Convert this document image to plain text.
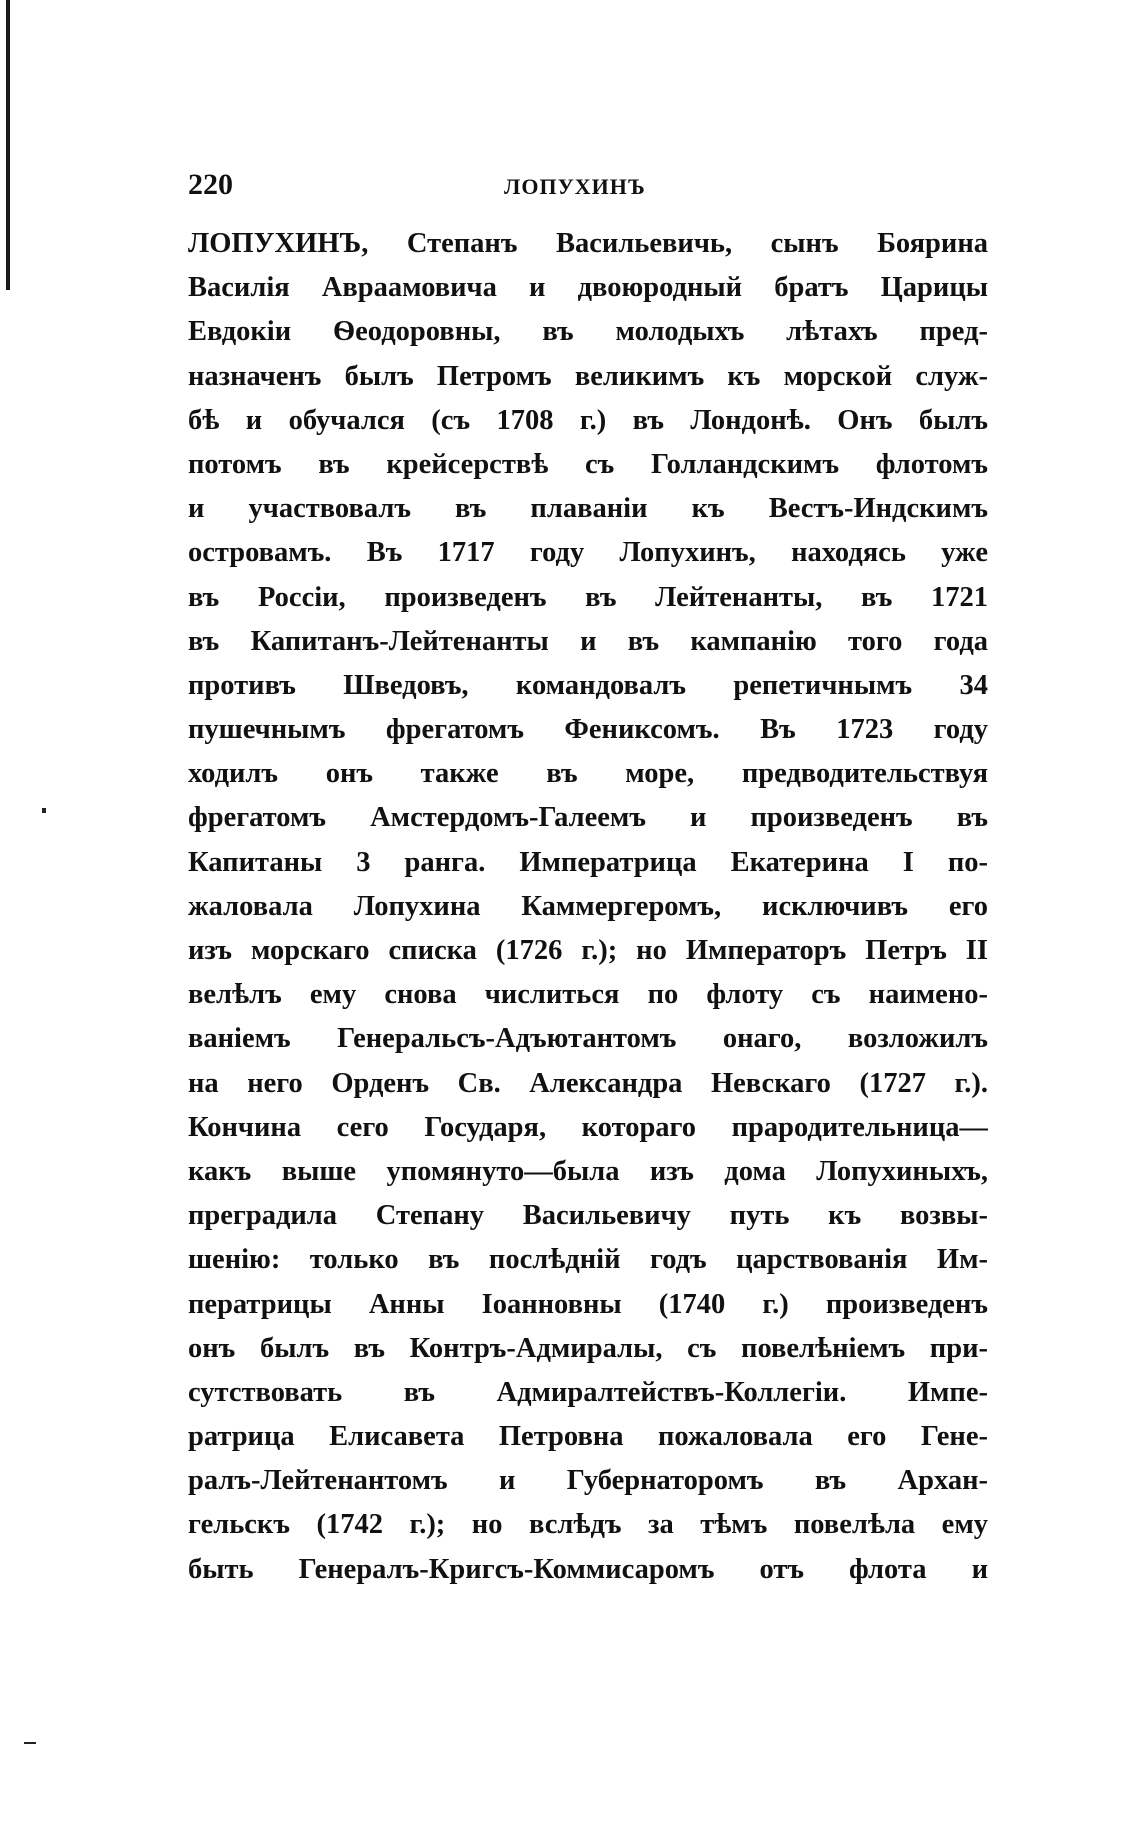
220	ЛОПУХИНЪ
ЛОПУХИНЪ, Степанъ Васильевичь, сынъ Боярина
Василія Авраамовича и двоюродный братъ Царицы
Евдокіи Ѳеодоровны, въ молодыхъ лѣтахъ пред-
назначенъ былъ Петромъ великимъ къ морской служ-
бѣ и обучался (съ 1708 г.) въ Лондонѣ. Онъ былъ
потомъ въ крейсерствѣ съ Голландскимъ флотомъ
и участвовалъ въ плаваніи къ Вестъ-Индскимъ
островамъ. Въ 1717 году Лопухинъ, находясь уже
въ Россіи, произведенъ въ Лейтенанты, въ 1721
въ Капитанъ-Лейтенанты и въ кампанію того года
противъ Шведовъ, командовалъ репетичнымъ 34
пушечнымъ фрегатомъ Фениксомъ. Въ 1723 году
ходилъ онъ также въ море, предводительствуя
фрегатомъ Амстердомъ-Галеемъ и произведенъ въ
Капитаны 3 ранга. Императрица Екатерина I по-
жаловала Лопухина Каммергеромъ, исключивъ его
изъ морскаго списка (1726 г.); но Императоръ Петръ II
велѣлъ ему снова числиться по флоту съ наимено-
ваніемъ Генеральсъ-Адъютантомъ онаго, возложилъ
на него Орденъ Св. Александра Невскаго (1727 г.).
Кончина сего Государя, котораго прародительница—
какъ выше упомянуто—была изъ дома Лопухиныхъ,
преградила Степану Васильевичу путь къ возвы-
шенію: только въ послѣдній годъ царствованія Им-
ператрицы Анны Іоанновны (1740 г.) произведенъ
онъ былъ въ Контръ-Адмиралы, съ повелѣніемъ при-
сутствовать въ Адмиралтействъ-Коллегіи. Импе-
ратрица Елисавета Петровна пожаловала его Гене-
ралъ-Лейтенантомъ и Губернаторомъ въ Архан-
гельскъ (1742 г.); но вслѣдъ за тѣмъ повелѣла ему
быть Генералъ-Кригсъ-Коммисаромъ отъ флота и
